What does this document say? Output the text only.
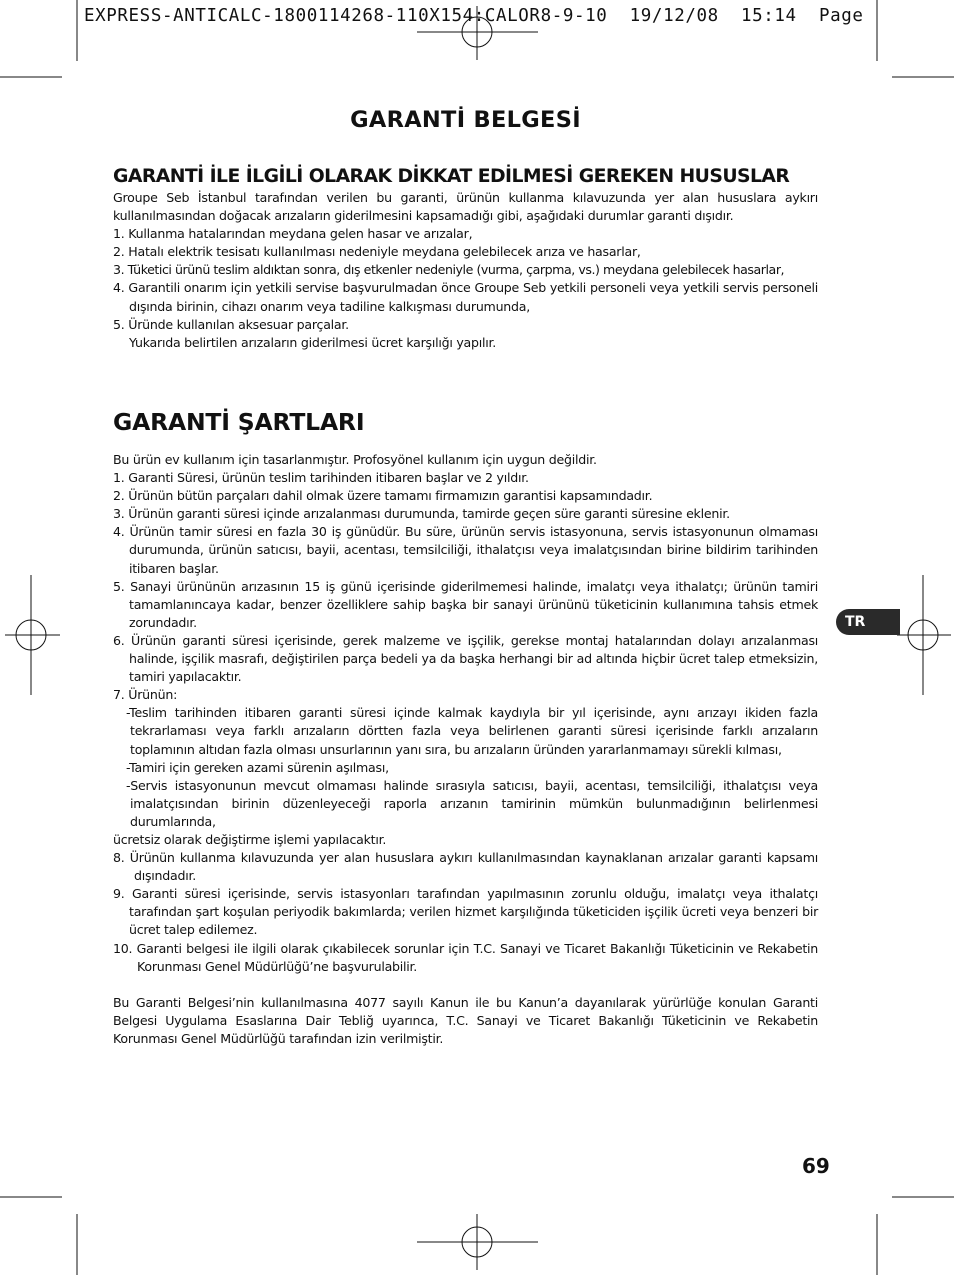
EXPRESS-ANTICALC-1800114268-110X154:CALOR8-9-10  19/12/08  15:14  Page
GARANTİ BELGESİ
GARANTİ İLE İLGİLİ OLARAK DİKKAT EDİLMESİ GEREKEN HUSUSLAR

Groupe Seb İstanbul tarafından verilen bu garanti, ürünün kullanma kılavuzunda yer alan hususlara aykırı kullanılmasından doğacak arızaların giderilmesini kapsamadığı gibi, aşağıdaki durumlar garanti dışıdır.

1. Kullanma hatalarından meydana gelen hasar ve arızalar,

2. Hatalı elektrik tesisatı kullanılması nedeniyle meydana gelebilecek arıza ve hasarlar,

3. Tüketici ürünü teslim aldıktan sonra, dış etkenler nedeniyle (vurma, çarpma, vs.) meydana gelebilecek hasarlar,

4. Garantili onarım için yetkili servise başvurulmadan önce Groupe Seb yetkili personeli veya yetkili servis personeli dışında birinin, cihazı onarım veya tadiline kalkışması durumunda,

5. Üründe kullanılan aksesuar parçalar.

Yukarıda belirtilen arızaların giderilmesi ücret karşılığı yapılır.

GARANTİ ŞARTLARI

Bu ürün ev kullanım için tasarlanmıştır. Profosyönel kullanım için uygun değildir.

1. Garanti Süresi, ürünün teslim tarihinden itibaren başlar ve 2 yıldır.

2. Ürünün bütün parçaları dahil olmak üzere tamamı firmamızın garantisi kapsamındadır.

3. Ürünün garanti süresi içinde arızalanması durumunda, tamirde geçen süre garanti süresine eklenir.

4. Ürünün tamir süresi en fazla 30 iş günüdür. Bu süre, ürünün servis istasyonuna, servis istasyonunun olmaması durumunda, ürünün satıcısı, bayii, acentası, temsilciliği, ithalatçısı veya imalatçısından birine bildirim tarihinden itibaren başlar.

5. Sanayi ürününün arızasının 15 iş günü içerisinde giderilmemesi halinde, imalatçı veya ithalatçı; ürünün tamiri tamamlanıncaya kadar, benzer özelliklere sahip başka bir sanayi ürününü tüketicinin kullanımına tahsis etmek zorundadır.

6. Ürünün garanti süresi içerisinde, gerek malzeme ve işçilik, gerekse montaj hatalarından dolayı arızalanması halinde, işçilik masrafı, değiştirilen parça bedeli ya da başka herhangi bir ad altında hiçbir ücret talep etmeksizin, tamiri yapılacaktır.

7. Ürünün:

-Teslim tarihinden itibaren garanti süresi içinde kalmak kaydıyla bir yıl içerisinde, aynı arızayı ikiden fazla tekrarlaması veya farklı arızaların dörtten fazla veya belirlenen garanti süresi içerisinde farklı arızaların toplamının altıdan fazla olması unsurlarının yanı sıra, bu arızaların üründen yararlanmamayı sürekli kılması,

-Tamiri için gereken azami sürenin aşılması,

-Servis istasyonunun mevcut olmaması halinde sırasıyla satıcısı, bayii, acentası, temsilciliği, ithalatçısı veya imalatçısından birinin düzenleyeceği raporla arızanın tamirinin mümkün bulunmadığının belirlenmesi durumlarında,

ücretsiz olarak değiştirme işlemi yapılacaktır.

8. Ürünün kullanma kılavuzunda yer alan hususlara aykırı kullanılmasından kaynaklanan arızalar garanti kapsamı dışındadır.

9. Garanti süresi içerisinde, servis istasyonları tarafından yapılmasının zorunlu olduğu, imalatçı veya ithalatçı tarafından şart koşulan periyodik bakımlarda; verilen hizmet karşılığında tüketiciden işçilik ücreti veya benzeri bir ücret talep edilemez.

10. Garanti belgesi ile ilgili olarak çıkabilecek sorunlar için T.C. Sanayi ve Ticaret Bakanlığı Tüketicinin ve Rekabetin Korunması Genel Müdürlüğü’ne başvurulabilir.

Bu Garanti Belgesi’nin kullanılmasına 4077 sayılı Kanun ile bu Kanun’a dayanılarak yürürlüğe konulan Garanti Belgesi Uygulama Esaslarına Dair Tebliğ uyarınca, T.C. Sanayi ve Ticaret Bakanlığı Tüketicinin ve Rekabetin Korunması Genel Müdürlüğü tarafından izin verilmiştir.

TR
69
